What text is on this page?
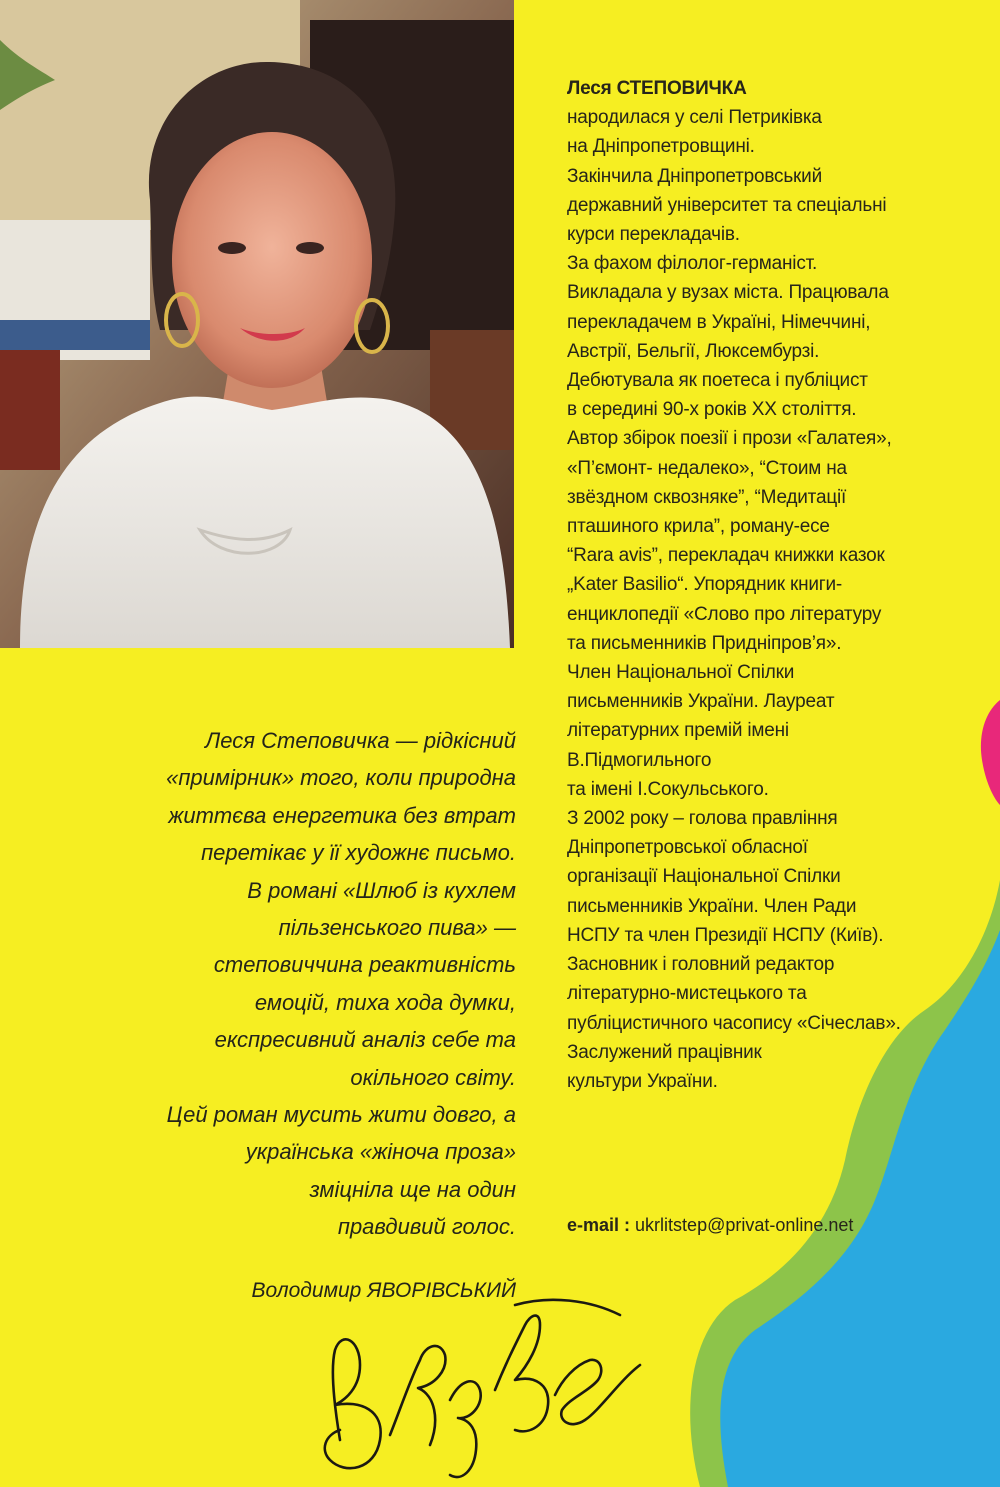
Леся СТЕПОВИЧКА
народилася у селі Петриківка
на Дніпропетровщині.
Закінчила Дніпропетровський
державний університет та спеціальні
курси перекладачів.
За фахом філолог-германіст.
Викладала у вузах міста. Працювала
перекладачем в Україні, Німеччині,
Австрії, Бельгії, Люксембурзі.
Дебютувала як поетеса і публіцист
в середині 90-х років XX століття.
Автор збірок поезії і прози «Галатея»,
«П’ємонт- недалеко», “Стоим на
звёздном сквозняке”, “Медитації
пташиного крила”, роману-есе
“Rara avis”, перекладач книжки казок
„Kater Basilio“. Упорядник книги-
енциклопедії «Слово про літературу
та письменників Придніпров’я».
Член Національної Спілки
письменників України. Лауреат
літературних премій імені
В.Підмогильного
та імені І.Сокульського.
З 2002 року – голова правління
Дніпропетровської обласної
організації Національної Спілки
письменників України. Член Ради
НСПУ та член Президії НСПУ (Київ).
Засновник і головний редактор
літературно-мистецького та
публіцистичного часопису «Січеслав».
Заслужений працівник
культури України.
e-mail : ukrlitstep@privat-online.net
Леся Степовичка — рідкісний
«примірник» того, коли природна
життєва енергетика без втрат
перетікає у її художнє письмо.
В романі «Шлюб із кухлем
пільзенського пива» —
степовиччина реактивність
емоцій, тиха хода думки,
експресивний аналіз себе та
окільного світу.
Цей роман мусить жити довго, а
українська «жіноча проза»
зміцніла ще на один
правдивий голос.
Володимир ЯВОРІВСЬКИЙ
